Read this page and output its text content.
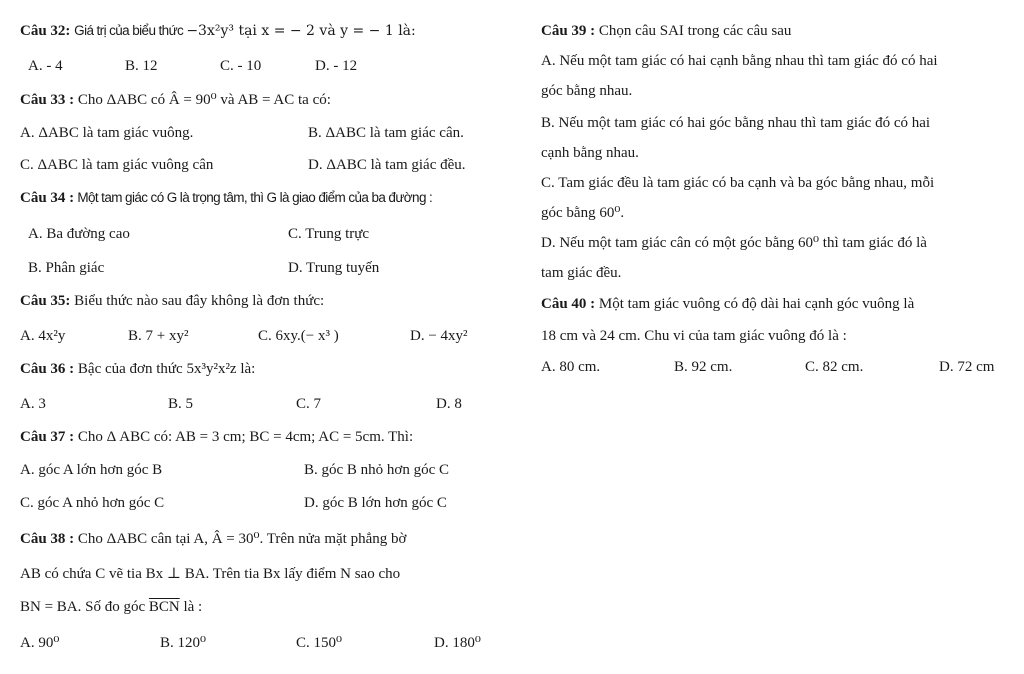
Câu 32: Giá trị của biểu thức −3x²y³ tại x = − 2 và y = − 1 là:
A. - 4	B. 12	C. - 10	D. - 12
Câu 33 : Cho ΔABC có Â = 90⁰ và AB = AC ta có:
A. ΔABC là tam giác vuông.	B. ΔABC là tam giác cân.
C. ΔABC là tam giác vuông cân	D. ΔABC là tam giác đều.
Câu 34 : Một tam giác có G là trọng tâm, thì G là giao điểm của ba đường :
A. Ba đường cao	C. Trung trực
B. Phân giác	D. Trung tuyến
Câu 35: Biểu thức nào sau đây không là đơn thức:
A. 4x²y	B. 7 + xy²	C. 6xy.(− x³ )	D. − 4xy²
Câu 36 : Bậc của đơn thức 5x³y²x²z là:
A. 3	B. 5	C. 7	D. 8
Câu 37 : Cho Δ ABC có: AB = 3 cm; BC = 4cm; AC = 5cm. Thì:
A. góc A lớn hơn góc B	B. góc B nhỏ hơn góc C
C. góc A nhỏ hơn góc C	D. góc B lớn hơn góc C
Câu 38 : Cho ΔABC cân tại A, Â = 30⁰. Trên nửa mặt phẳng bờ
AB có chứa C vẽ tia Bx ⊥ BA. Trên tia Bx lấy điểm N sao cho
BN = BA. Số đo góc $\overline{BCN}$ là :
A. 90⁰	B. 120⁰	C. 150⁰	D. 180⁰
Câu 39 : Chọn câu SAI trong các câu sau
A. Nếu một tam giác có hai cạnh bằng nhau thì tam giác đó có hai
góc bằng nhau.
B. Nếu một tam giác có hai góc bằng nhau thì tam giác đó có hai
cạnh bằng nhau.
C. Tam giác đều là tam giác có ba cạnh và ba góc bằng nhau, mỗi
góc bằng 60⁰.
D. Nếu một tam giác cân có một góc bằng 60⁰ thì tam giác đó là
tam giác đều.
Câu 40 : Một tam giác vuông có độ dài hai cạnh góc vuông là
18 cm và 24 cm. Chu vi của tam giác vuông đó là :
A. 80 cm.	B. 92 cm.	C. 82 cm.	D. 72 cm
